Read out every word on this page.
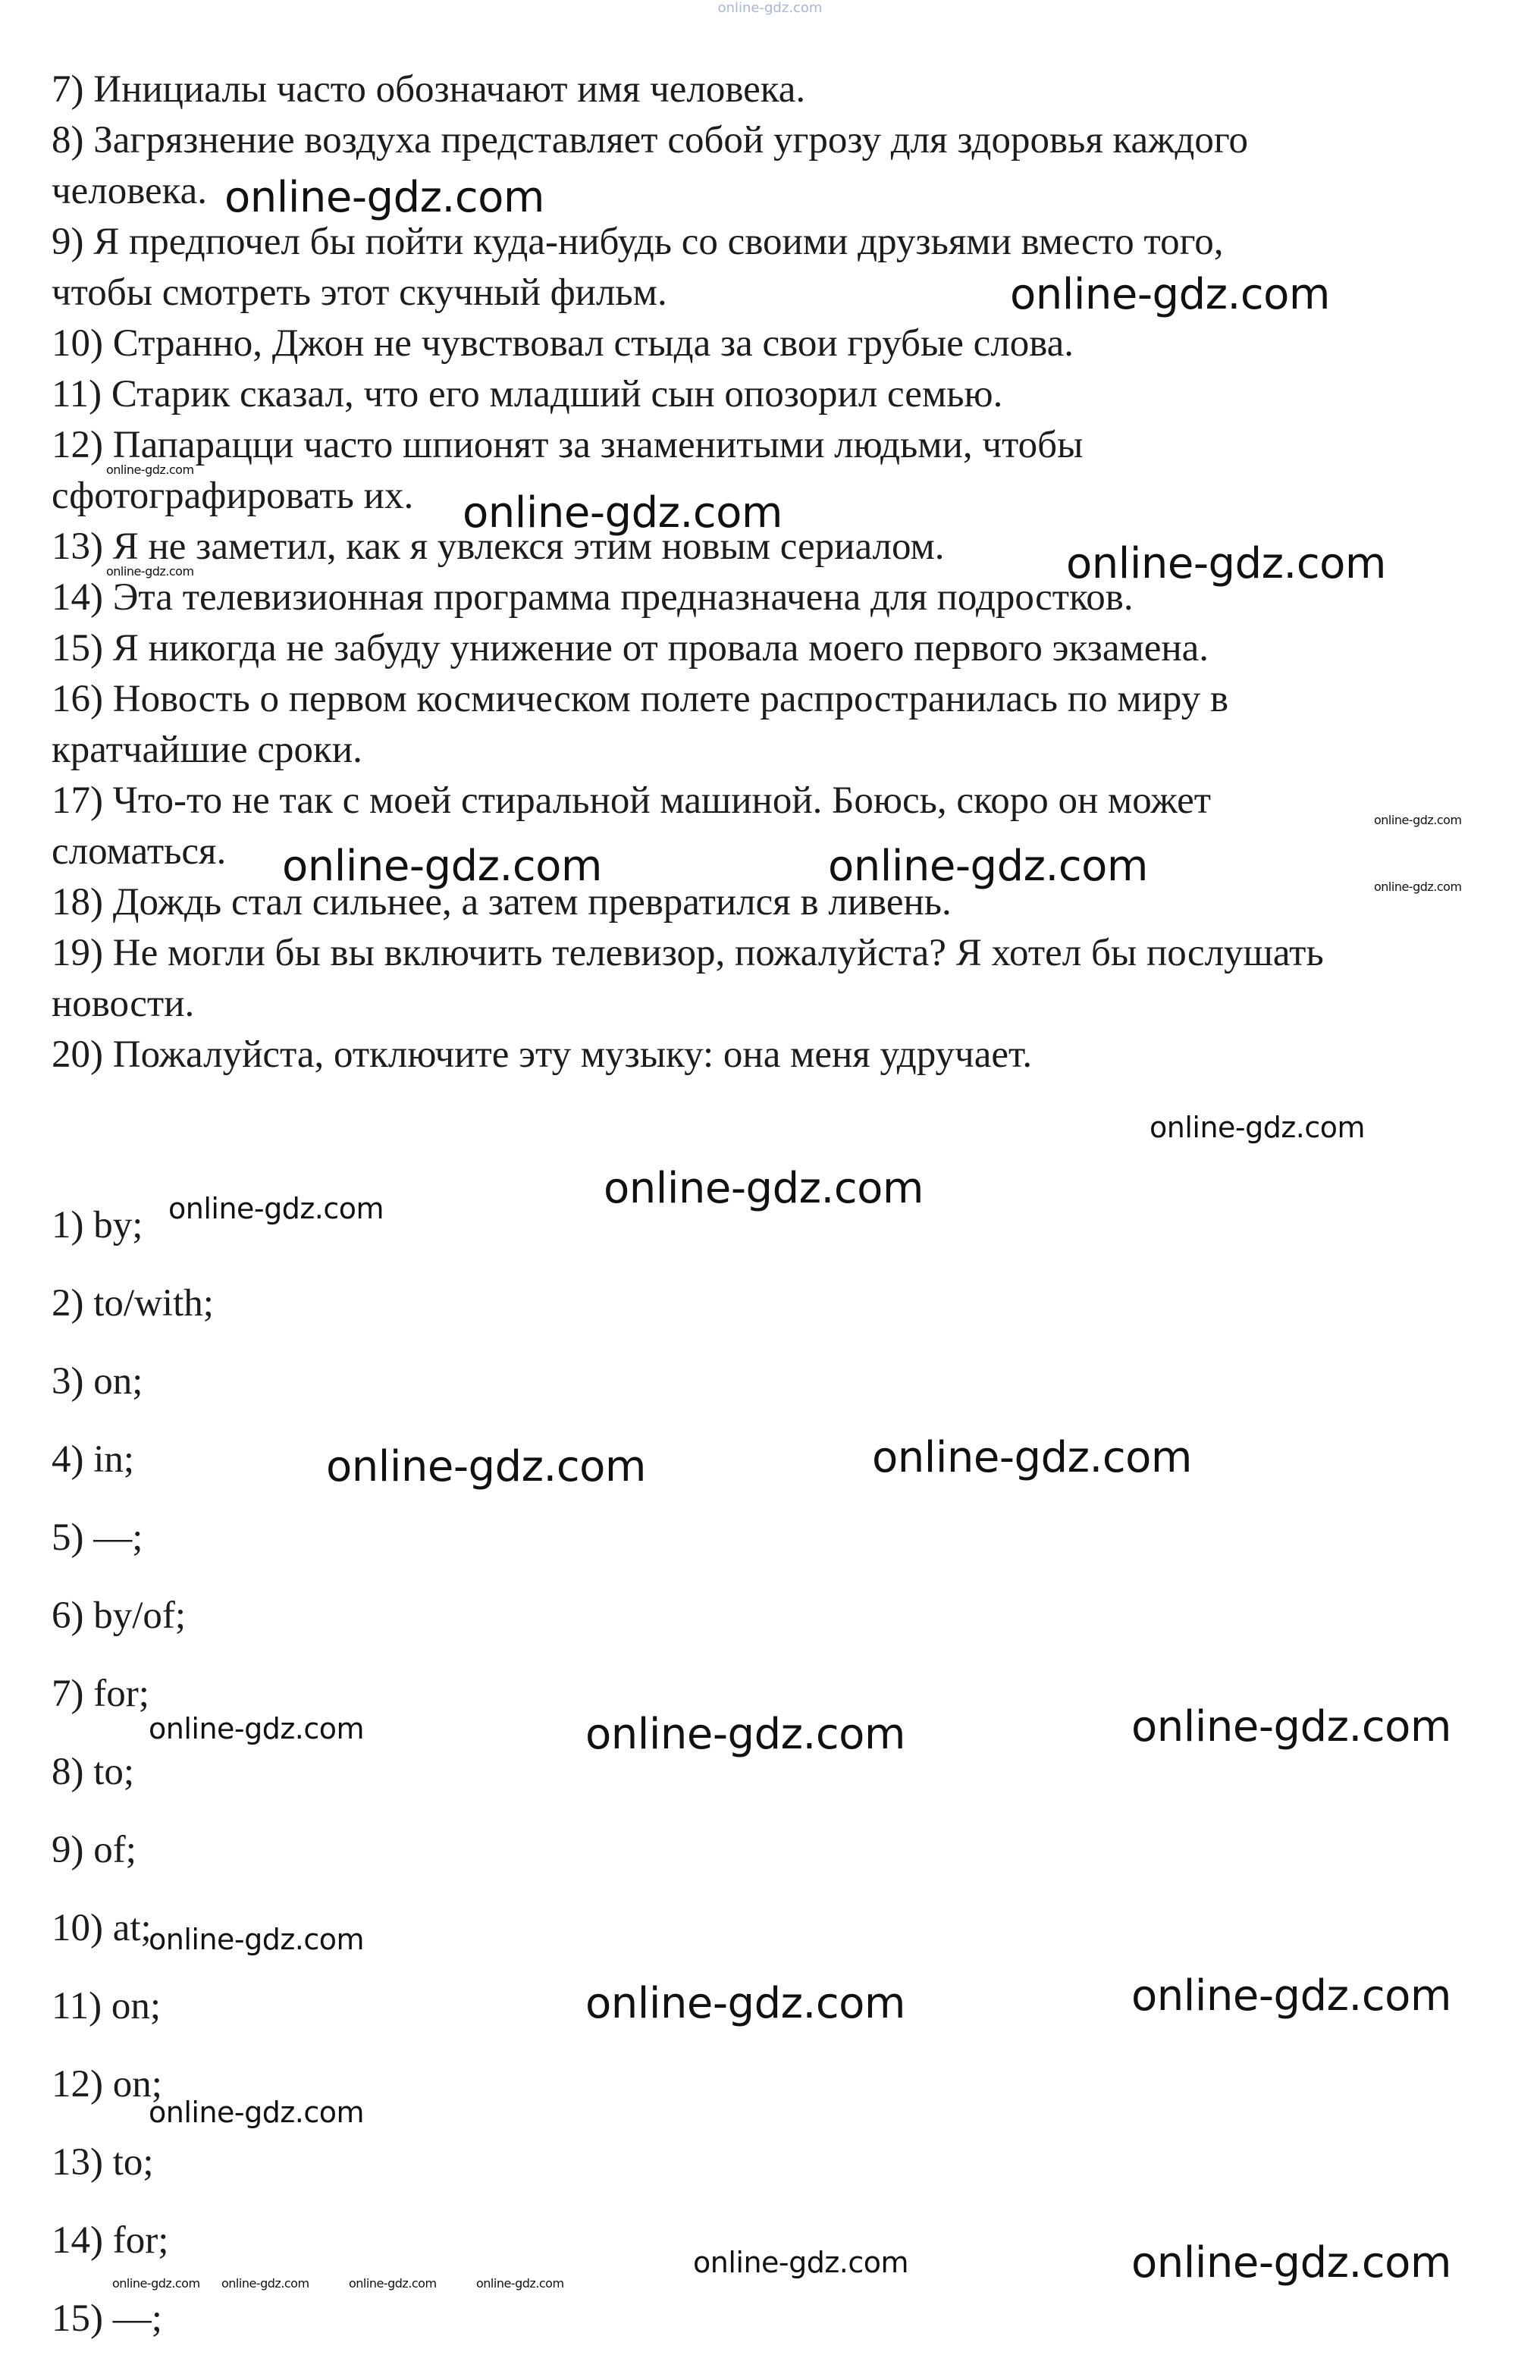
online-gdz.com
7) Инициалы часто обозначают имя человека.
8) Загрязнение воздуха представляет собой угрозу для здоровья каждого
человека.
9) Я предпочел бы пойти куда-нибудь со своими друзьями вместо того,
чтобы смотреть этот скучный фильм.
10) Странно, Джон не чувствовал стыда за свои грубые слова.
11) Старик сказал, что его младший сын опозорил семью.
12) Папарацци часто шпионят за знаменитыми людьми, чтобы
сфотографировать их.
13) Я не заметил, как я увлекся этим новым сериалом.
14) Эта телевизионная программа предназначена для подростков.
15) Я никогда не забуду унижение от провала моего первого экзамена.
16) Новость о первом космическом полете распространилась по миру в
кратчайшие сроки.
17) Что-то не так с моей стиральной машиной. Боюсь, скоро он может
сломаться.
18) Дождь стал сильнее, а затем превратился в ливень.
19) Не могли бы вы включить телевизор, пожалуйста? Я хотел бы послушать
новости.
20) Пожалуйста, отключите эту музыку: она меня удручает.
1) by;
2) to/with;
3) on;
4) in;
5) —;
6) by/of;
7) for;
8) to;
9) of;
10) at;
11) on;
12) on;
13) to;
14) for;
15) —;
online-gdz.com
online-gdz.com
online-gdz.com
online-gdz.com
online-gdz.com	online-gdz.com
online-gdz.com
online-gdz.com
online-gdz.com	online-gdz.com
online-gdz.com
online-gdz.com	online-gdz.com
online-gdz.com	online-gdz.com
online-gdz.com	online-gdz.com	online-gdz.com
online-gdz.com
online-gdz.com	online-gdz.com
online-gdz.com
online-gdz.com online-gdz.com	online-gdz.com	online-gdz.com
online-gdz.com	online-gdz.com
